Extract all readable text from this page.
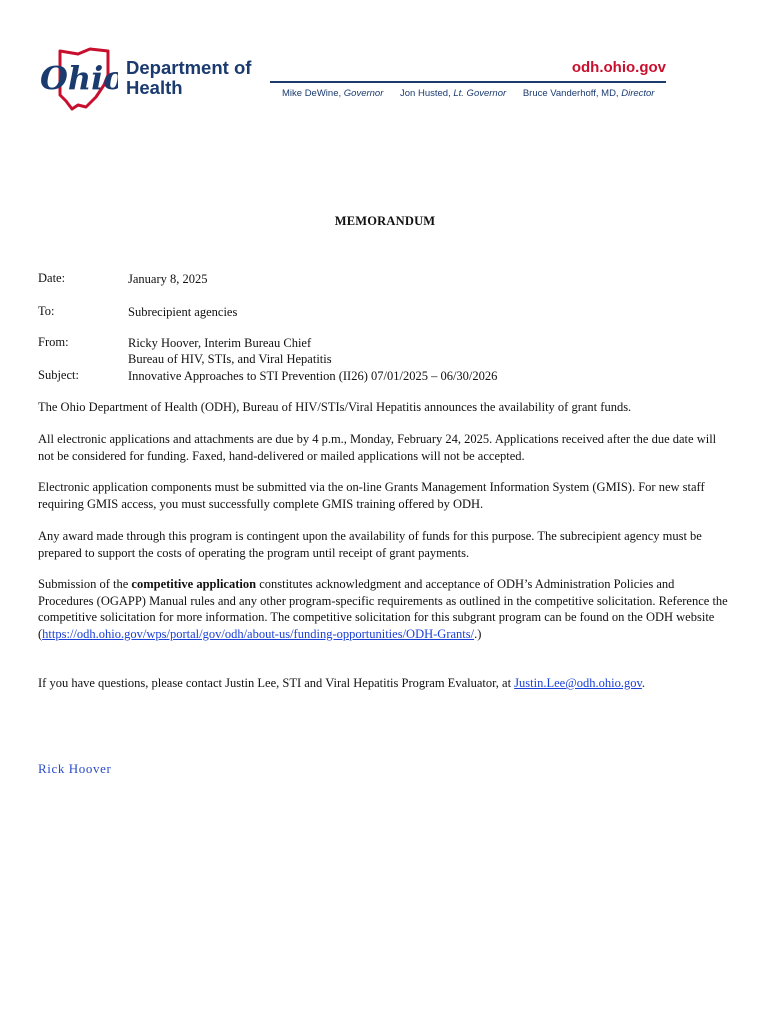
Ohio Department of
Health
odh.ohio.gov
Mike DeWine, Governor Jon Husted, Lt. Governor Bruce Vanderhoff, MD, Director
MEMORANDUM
Date:	January 8, 2025
To:	Subrecipient agencies
From:	Ricky Hoover, Interim Bureau Chief
Bureau of HIV, STIs, and Viral Hepatitis
Subject:	Innovative Approaches to STI Prevention (II26) 07/01/2025 – 06/30/2026

The Ohio Department of Health (ODH), Bureau of HIV/STIs/Viral Hepatitis announces the availability of grant funds.

All electronic applications and attachments are due by 4 p.m., Monday, February 24, 2025. Applications received after the due date will not be considered for funding. Faxed, hand-delivered or mailed applications will not be accepted.

Electronic application components must be submitted via the on-line Grants Management Information System (GMIS). For new staff requiring GMIS access, you must successfully complete GMIS training offered by ODH.

Any award made through this program is contingent upon the availability of funds for this purpose. The subrecipient agency must be prepared to support the costs of operating the program until receipt of grant payments.

Submission of the competitive application constitutes acknowledgment and acceptance of ODH’s Administration Policies and Procedures (OGAPP) Manual rules and any other program-specific requirements as outlined in the competitive solicitation. Reference the competitive solicitation for more information. The competitive solicitation for this subgrant program can be found on the ODH website (https://odh.ohio.gov/wps/portal/gov/odh/about-us/funding-opportunities/ODH-Grants/.)

If you have questions, please contact Justin Lee, STI and Viral Hepatitis Program Evaluator, at Justin.Lee@odh.ohio.gov.

Rick Hoover
